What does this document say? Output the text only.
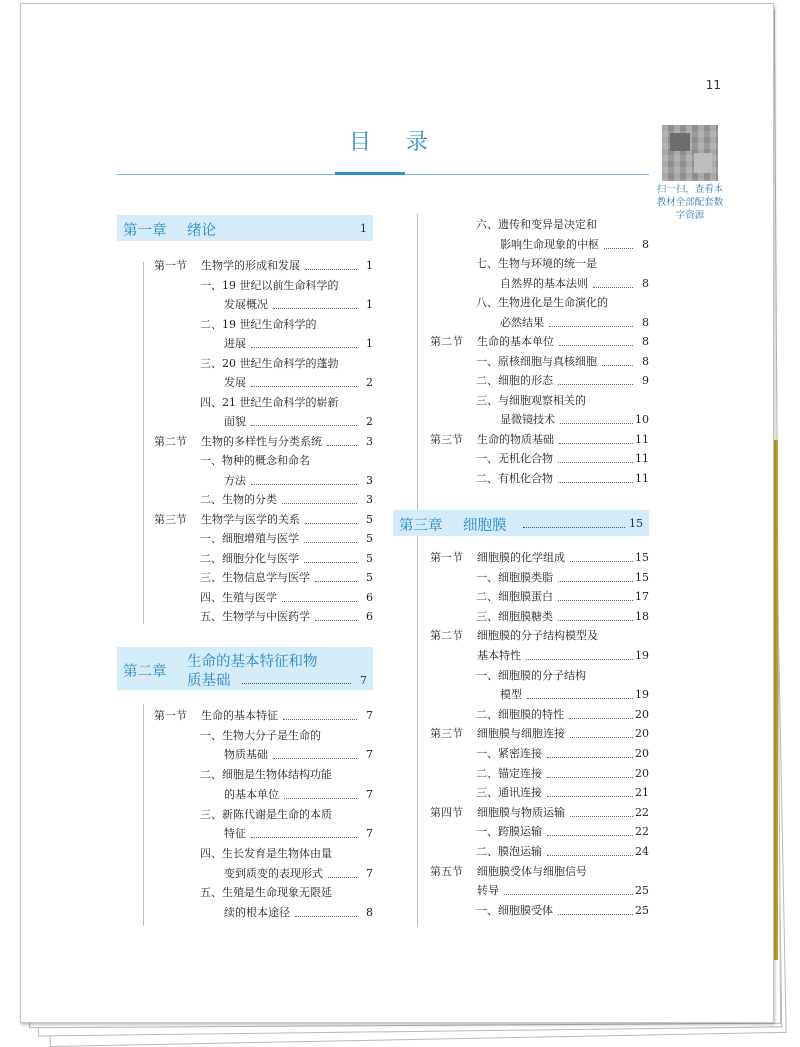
11
目 录
扫一扫，查看本教材全部配套数字资源
第一章 绪论	1
第二章
生命的基本特征和物
质基础	7
第三章 细胞膜	15
第一节 生物学的形成和发展	1
一、19 世纪以前生命科学的
发展概况	1
二、19 世纪生命科学的
进展	1
三、20 世纪生命科学的蓬勃
发展	2
四、21 世纪生命科学的崭新
面貌	2
第二节 生物的多样性与分类系统	3
一、物种的概念和命名
方法	3
二、生物的分类	3
第三节 生物学与医学的关系	5
一、细胞增殖与医学	5
二、细胞分化与医学	5
三、生物信息学与医学	5
四、生殖与医学	6
五、生物学与中医药学	6
第一节 生命的基本特征	7
一、生物大分子是生命的
物质基础	7
二、细胞是生物体结构功能
的基本单位	7
三、新陈代谢是生命的本质
特征	7
四、生长发育是生物体由量
变到质变的表现形式	7
五、生殖是生命现象无限延
续的根本途径	8
六、遗传和变异是决定和
影响生命现象的中枢	8
七、生物与环境的统一是
自然界的基本法则	8
八、生物进化是生命演化的
必然结果	8
第二节 生命的基本单位	8
一、原核细胞与真核细胞	8
二、细胞的形态	9
三、与细胞观察相关的
显微镜技术	10
第三节 生命的物质基础	11
一、无机化合物	11
二、有机化合物	11
第一节 细胞膜的化学组成	15
一、细胞膜类脂	15
二、细胞膜蛋白	17
三、细胞膜糖类	18
第二节 细胞膜的分子结构模型及
基本特性	19
一、细胞膜的分子结构
模型	19
二、细胞膜的特性	20
第三节 细胞膜与细胞连接	20
一、紧密连接	20
二、锚定连接	20
三、通讯连接	21
第四节 细胞膜与物质运输	22
一、跨膜运输	22
二、膜泡运输	24
第五节 细胞膜受体与细胞信号
转导	25
一、细胞膜受体	25
